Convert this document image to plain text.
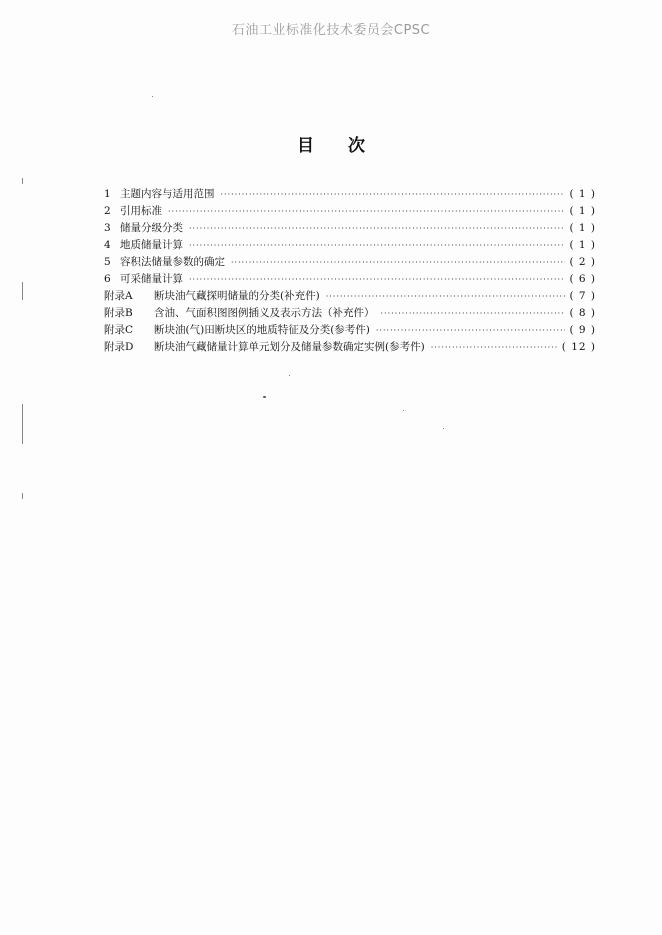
石油工业标准化技术委员会CPSC
目次
1 主题内容与适用范围 ·····	( 1 )
2 引用标准 ·····	( 1 )
3 储量分级分类 ·····	( 1 )
4 地质储量计算 ·····	( 1 )
5 容积法储量参数的确定 ·····	( 2 )
6 可采储量计算 ·····	( 6 )
附录A	断块油气藏探明储量的分类(补充件) ·····	( 7 )
附录B	含油、气面积图图例插义及表示方法（补充件） ·····	( 8 )
附录C	断块油(气)田断块区的地质特征及分类(参考件) ·····	( 9 )
附录D	断块油气藏储量计算单元划分及储量参数确定实例(参考件) ·····	( 12 )
